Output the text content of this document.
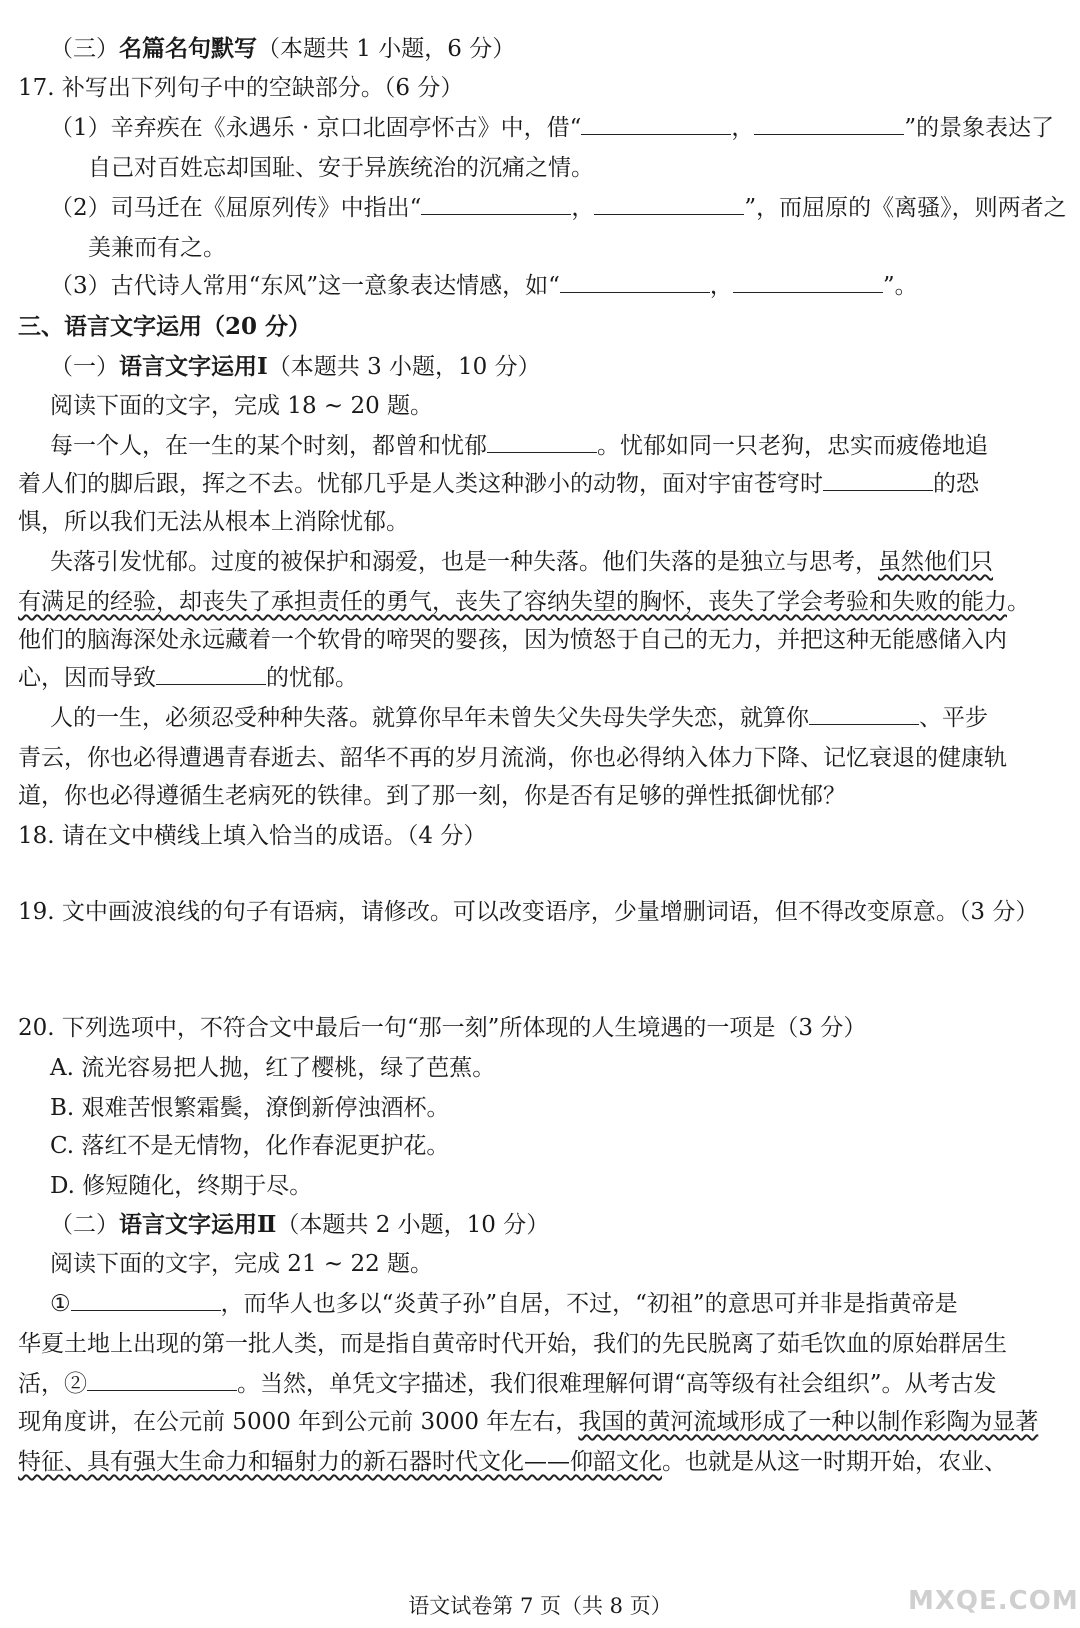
（三）名篇名句默写（本题共 1 小题，6 分）
17. 补写出下列句子中的空缺部分。（6 分）
（1）辛弃疾在《永遇乐 · 京口北固亭怀古》中，借“	，	”的景象表达了
自己对百姓忘却国耻、安于异族统治的沉痛之情。
（2）司马迁在《屈原列传》中指出“	，	”，而屈原的《离骚》，则两者之
美兼而有之。
（3）古代诗人常用“东风”这一意象表达情感，如“	，	”。
三、语言文字运用（20 分）
（一）语言文字运用Ⅰ（本题共 3 小题，10 分）
阅读下面的文字，完成 18 ~ 20 题。
每一个人，在一生的某个时刻，都曾和忧郁	。忧郁如同一只老狗，忠实而疲倦地追
着人们的脚后跟，挥之不去。忧郁几乎是人类这种渺小的动物，面对宇宙苍穹时	的恐
惧，所以我们无法从根本上消除忧郁。
失落引发忧郁。过度的被保护和溺爱，也是一种失落。他们失落的是独立与思考，虽然他们只
有满足的经验，却丧失了承担责任的勇气，丧失了容纳失望的胸怀，丧失了学会考验和失败的能力。
他们的脑海深处永远藏着一个软骨的啼哭的婴孩，因为愤怒于自己的无力，并把这种无能感储入内
心，因而导致	的忧郁。
人的一生，必须忍受种种失落。就算你早年未曾失父失母失学失恋，就算你	、平步
青云，你也必得遭遇青春逝去、韶华不再的岁月流淌，你也必得纳入体力下降、记忆衰退的健康轨
道，你也必得遵循生老病死的铁律。到了那一刻，你是否有足够的弹性抵御忧郁？
18. 请在文中横线上填入恰当的成语。（4 分）
19. 文中画波浪线的句子有语病，请修改。可以改变语序，少量增删词语，但不得改变原意。（3 分）
20. 下列选项中，不符合文中最后一句“那一刻”所体现的人生境遇的一项是（3 分）
A. 流光容易把人抛，红了樱桃，绿了芭蕉。
B. 艰难苦恨繁霜鬓，潦倒新停浊酒杯。
C. 落红不是无情物，化作春泥更护花。
D. 修短随化，终期于尽。
（二）语言文字运用Ⅱ（本题共 2 小题，10 分）
阅读下面的文字，完成 21 ~ 22 题。
①	，而华人也多以“炎黄子孙”自居，不过，“初祖”的意思可并非是指黄帝是
华夏土地上出现的第一批人类，而是指自黄帝时代开始，我们的先民脱离了茹毛饮血的原始群居生
活，②	。当然，单凭文字描述，我们很难理解何谓“高等级有社会组织”。从考古发
现角度讲，在公元前 5000 年到公元前 3000 年左右，我国的黄河流域形成了一种以制作彩陶为显著
特征、具有强大生命力和辐射力的新石器时代文化——仰韶文化。也就是从这一时期开始，农业、
语文试卷第 7 页（共 8 页）	MXQE.COM
